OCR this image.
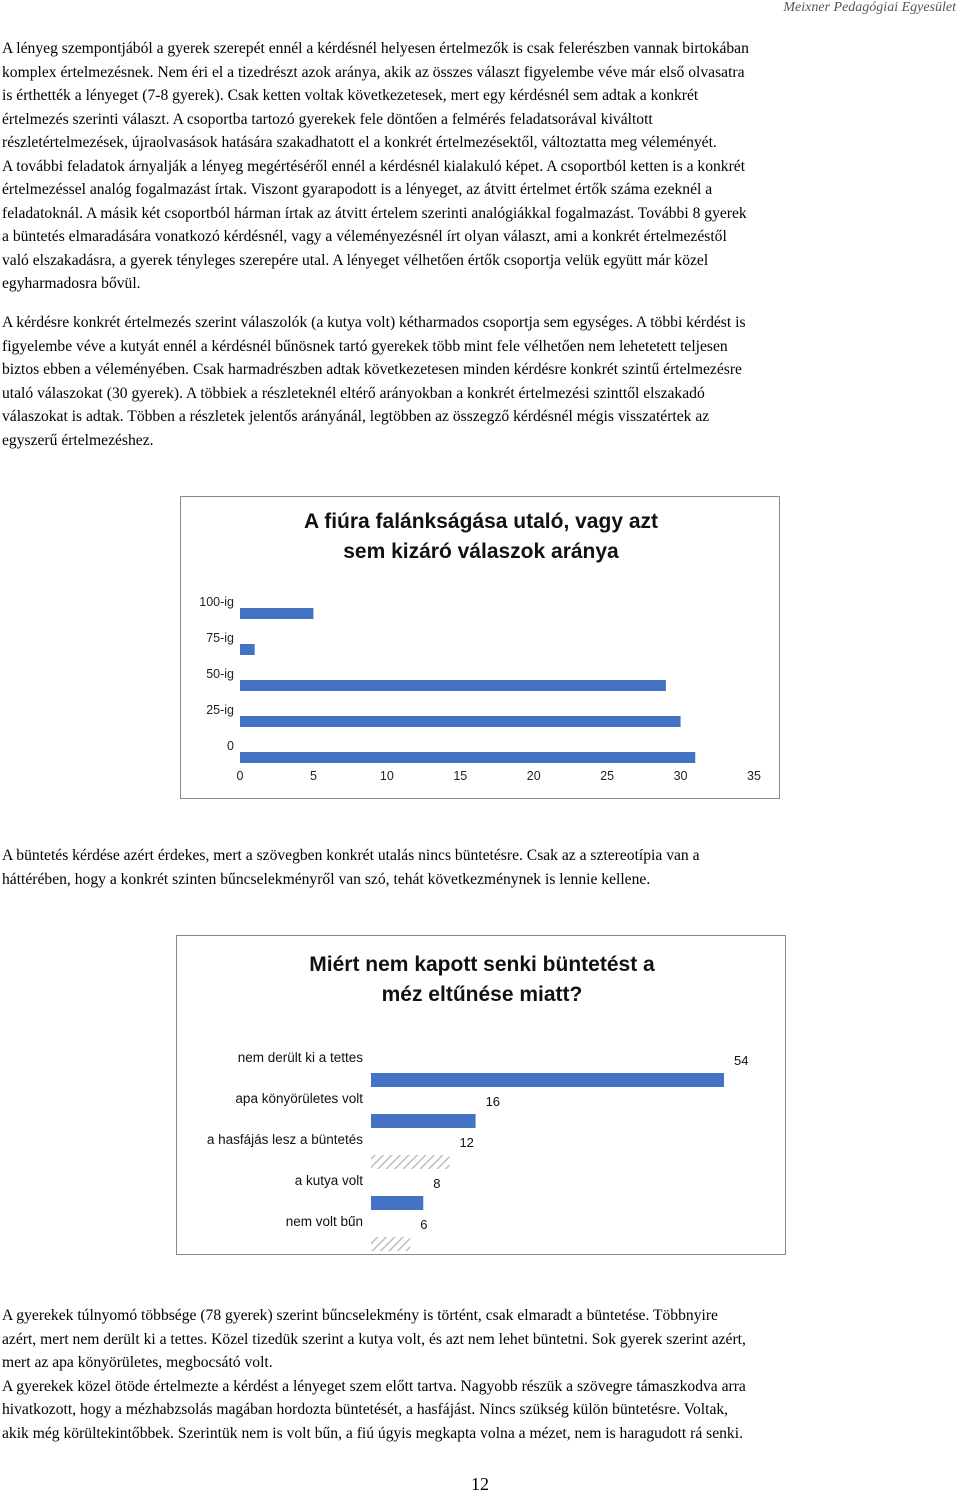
Meixner Pedagógiai Egyesület
A lényeg szempontjából a gyerek szerepét ennél a kérdésnél helyesen értelmezők is csak felerészben vannak birtokában
komplex értelmezésnek. Nem éri el a tizedrészt azok aránya, akik az összes választ figyelembe véve már első olvasatra
is érthették a lényeget (7-8 gyerek). Csak ketten voltak következetesek, mert egy kérdésnél sem adtak a konkrét
értelmezés szerinti választ. A csoportba tartozó gyerekek fele döntően a felmérés feladatsorával kiváltott
részletértelmezések, újraolvasások hatására szakadhatott el a konkrét értelmezésektől, változtatta meg véleményét.
A további feladatok árnyalják a lényeg megértéséről ennél a kérdésnél kialakuló képet. A csoportból ketten is a konkrét
értelmezéssel analóg fogalmazást írtak. Viszont gyarapodott is a lényeget, az átvitt értelmet értők száma ezeknél a
feladatoknál. A másik két csoportból hárman írtak az átvitt értelem szerinti analógiákkal fogalmazást. További 8 gyerek
a büntetés elmaradására vonatkozó kérdésnél, vagy a véleményezésnél írt olyan választ, ami a konkrét értelmezéstől
való elszakadásra, a gyerek tényleges szerepére utal. A lényeget vélhetően értők csoportja velük együtt már közel
egyharmadosra bővül.
A kérdésre konkrét értelmezés szerint válaszolók (a kutya volt) kétharmados csoportja sem egységes. A többi kérdést is
figyelembe véve a kutyát ennél a kérdésnél bűnösnek tartó gyerekek több mint fele vélhetően nem lehetetett teljesen
biztos ebben a véleményében. Csak harmadrészben adtak következetesen minden kérdésre konkrét szintű értelmezésre
utaló válaszokat (30 gyerek). A többiek a részleteknél eltérő arányokban a konkrét értelmezési szinttől elszakadó
válaszokat is adtak. Többen a részletek jelentős arányánál, legtöbben az összegző kérdésnél mégis visszatértek az
egyszerű értelmezéshez.
A fiúra falánkságása utaló, vagy azt
sem kizáró válaszok aránya
100-ig
75-ig
50-ig
25-ig
0
0	5	10	15	20	25	30	35
A büntetés kérdése azért érdekes, mert a szövegben konkrét utalás nincs büntetésre. Csak az a sztereotípia van a
háttérében, hogy a konkrét szinten bűncselekményről van szó, tehát következménynek is lennie kellene.
Miért nem kapott senki büntetést a
méz eltűnése miatt?
nem derült ki a tettes	54
apa könyörületes volt	16
a hasfájás lesz a büntetés	12
a kutya volt	8
nem volt bűn	6
A gyerekek túlnyomó többsége (78 gyerek) szerint bűncselekmény is történt, csak elmaradt a büntetése. Többnyire
azért, mert nem derült ki a tettes. Közel tizedük szerint a kutya volt, és azt nem lehet büntetni. Sok gyerek szerint azért,
mert az apa könyörületes, megbocsátó volt.
A gyerekek közel ötöde értelmezte a kérdést a lényeget szem előtt tartva. Nagyobb részük a szövegre támaszkodva arra
hivatkozott, hogy a mézhabzsolás magában hordozta büntetését, a hasfájást. Nincs szükség külön büntetésre. Voltak,
akik még körültekintőbbek. Szerintük nem is volt bűn, a fiú úgyis megkapta volna a mézet, nem is haragudott rá senki.
12
